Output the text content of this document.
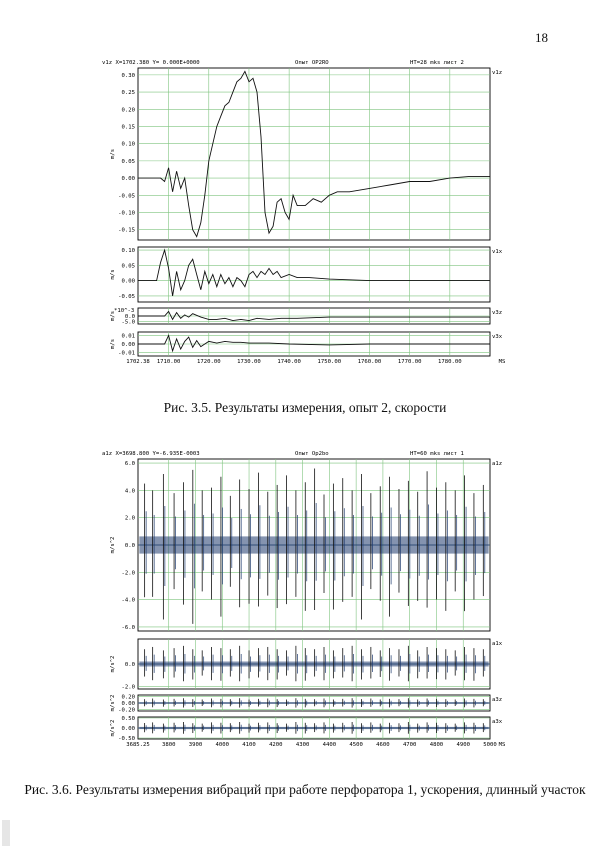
18
v1z X=1702.380 Y= 0.000E+0000	Опыт OP2RO	HT=28 mks лист 2
0.30
0.25
0.20
0.15
0.10
0.05
0.00
-0.05
-0.10
-0.15
v1z
m/s
0.10
0.05
0.00
-0.05
v1x
m/s
0.0
-5.0
v3z
m/s
*10^-3
0.01
0.00
-0.01
v3x
m/s
1702.38 1710.00	1720.00	1730.00	1740.00	1750.00	1760.00	1770.00	1780.00	MS
Рис. 3.5. Результаты измерения, опыт 2, скорости
a1z X=3698.800 Y=-6.935E-0003	Опыт Op2bo	HT=60 mks лист 1
6.0
4.0
2.0
0.0
-2.0
-4.0
-6.0
a1z
m/s^2
0.0
-2.0
a1x
m/s^2
0.20
0.00
-0.20
a3z
m/s^2
0.50
0.00
-0.50
a3x
m/s^2
3685.25 3800 3900 4000 4100 4200 4300 4400 4500 4600 4700 4800 4900 5000 MS
Рис. 3.6. Результаты измерения вибраций при работе перфоратора 1, ускорения, длинный участок
